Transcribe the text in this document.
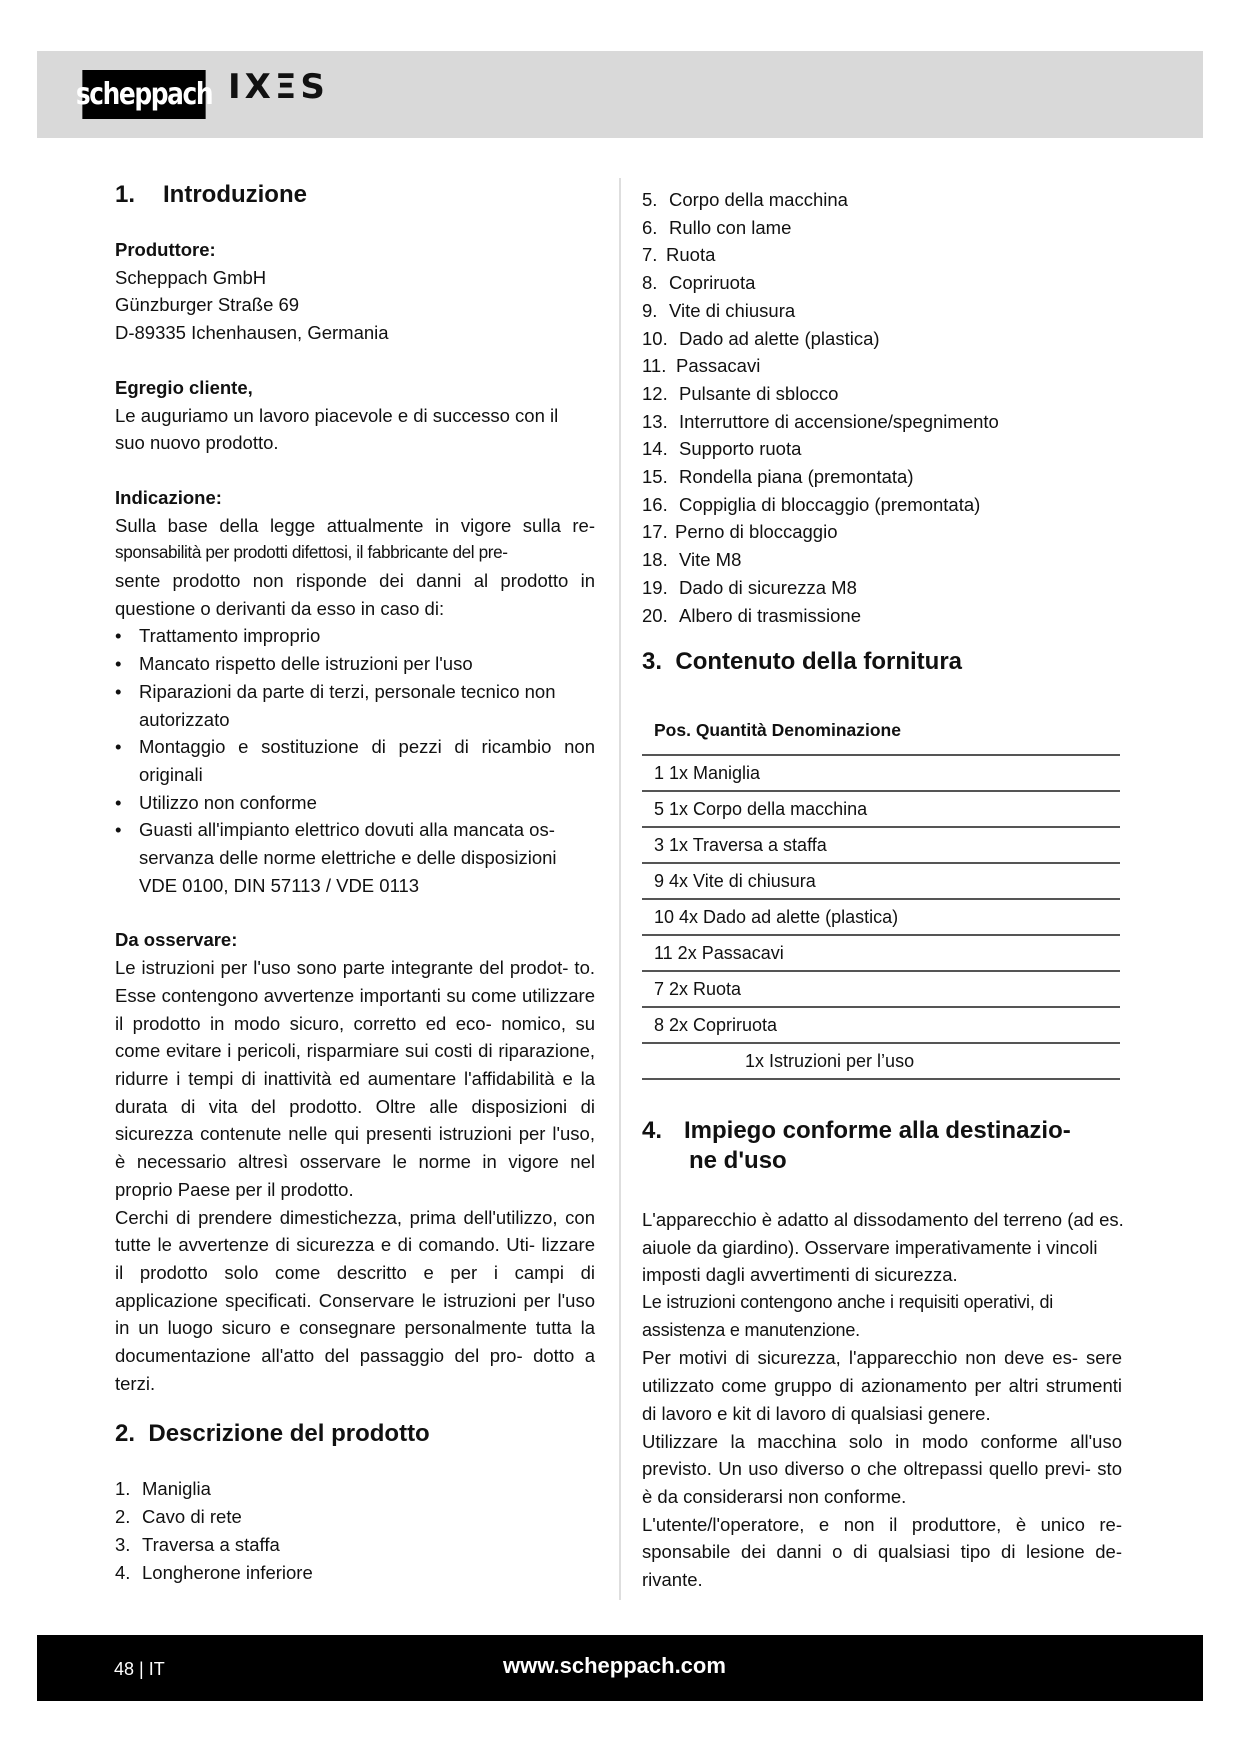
scheppach IXΞS
1. Introduzione
Produttore:
Scheppach GmbH
Günzburger Straße 69
D-89335 Ichenhausen, Germania
Egregio cliente,
Le auguriamo un lavoro piacevole e di successo con il suo nuovo prodotto.
Indicazione:
Sulla base della legge attualmente in vigore sulla re-
sponsabilità per prodotti difettosi, il fabbricante del pre-
sente prodotto non risponde dei danni al prodotto in questione o derivanti da esso in caso di:
• Trattamento improprio
• Mancato rispetto delle istruzioni per l'uso
• Riparazioni da parte di terzi, personale tecnico non autorizzato
• Montaggio e sostituzione di pezzi di ricambio non originali
• Utilizzo non conforme
• Guasti all'impianto elettrico dovuti alla mancata os- servanza delle norme elettriche e delle disposizioni VDE 0100, DIN 57113 / VDE 0113
Da osservare:
Le istruzioni per l'uso sono parte integrante del prodot- to. Esse contengono avvertenze importanti su come utilizzare il prodotto in modo sicuro, corretto ed eco- nomico, su come evitare i pericoli, risparmiare sui costi di riparazione, ridurre i tempi di inattività ed aumentare l'affidabilità e la durata di vita del prodotto. Oltre alle disposizioni di sicurezza contenute nelle qui presenti istruzioni per l'uso, è necessario altresì osservare le norme in vigore nel proprio Paese per il prodotto.
Cerchi di prendere dimestichezza, prima dell'utilizzo, con tutte le avvertenze di sicurezza e di comando. Uti- lizzare il prodotto solo come descritto e per i campi di applicazione specificati. Conservare le istruzioni per l'uso in un luogo sicuro e consegnare personalmente tutta la documentazione all'atto del passaggio del pro- dotto a terzi.
2. Descrizione del prodotto
1. Maniglia
2. Cavo di rete
3. Traversa a staffa
4. Longherone inferiore
5. Corpo della macchina
6. Rullo con lame
7. Ruota
8. Copriruota
9. Vite di chiusura
10. Dado ad alette (plastica)
11. Passacavi
12. Pulsante di sblocco
13. Interruttore di accensione/spegnimento
14. Supporto ruota
15. Rondella piana (premontata)
16. Coppiglia di bloccaggio (premontata)
17. Perno di bloccaggio
18. Vite M8
19. Dado di sicurezza M8
20. Albero di trasmissione
3. Contenuto della fornitura
Pos. Quantità Denominazione
1 1x Maniglia
5 1x Corpo della macchina
3 1x Traversa a staffa
9 4x Vite di chiusura
10 4x Dado ad alette (plastica)
11 2x Passacavi
7 2x Ruota
8 2x Copriruota
1x Istruzioni per l’uso
4. Impiego conforme alla destinazio-
ne d'uso
L'apparecchio è adatto al dissodamento del terreno (ad es. aiuole da giardino). Osservare imperativamente i vincoli imposti dagli avvertimenti di sicurezza.
Le istruzioni contengono anche i requisiti operativi, di assistenza e manutenzione.
Per motivi di sicurezza, l'apparecchio non deve es- sere utilizzato come gruppo di azionamento per altri strumenti di lavoro e kit di lavoro di qualsiasi genere.
Utilizzare la macchina solo in modo conforme all'uso previsto. Un uso diverso o che oltrepassi quello previ- sto è da considerarsi non conforme.
L'utente/l'operatore, e non il produttore, è unico re- sponsabile dei danni o di qualsiasi tipo di lesione de- rivante.
48 | IT	www.scheppach.com
